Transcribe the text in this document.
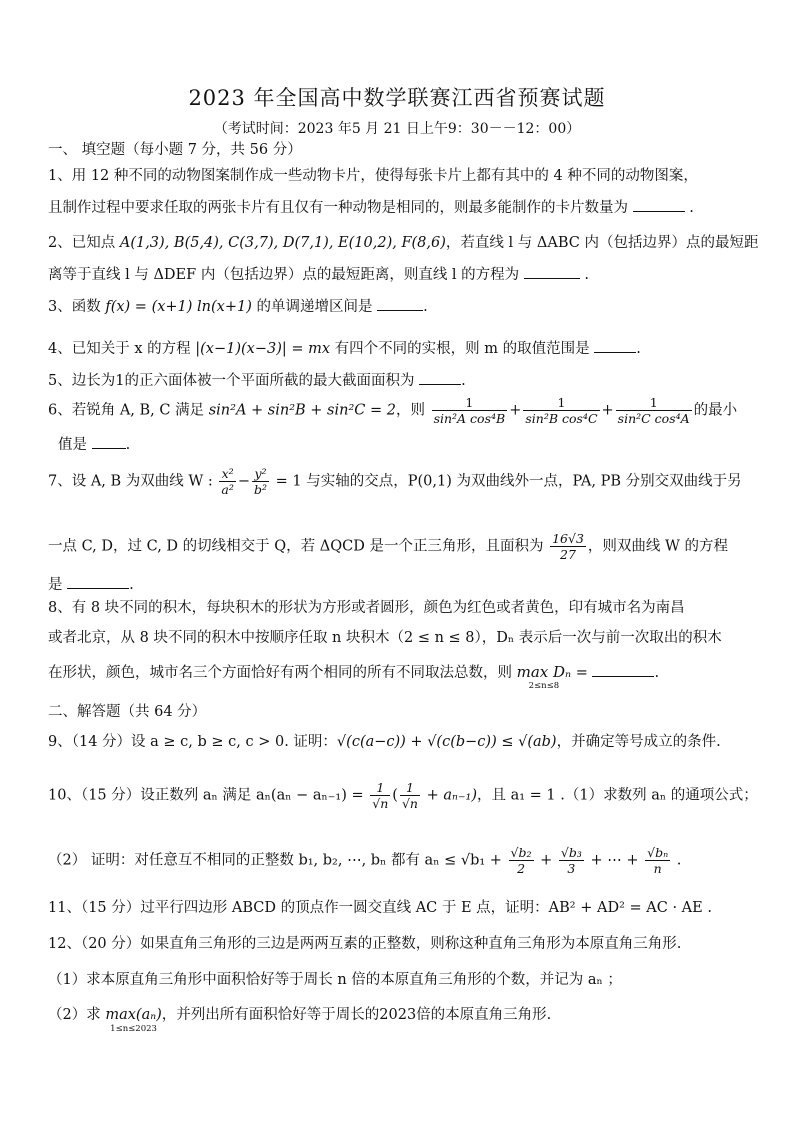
2023 年全国高中数学联赛江西省预赛试题
（考试时间：2023 年5 月 21 日上午9：30－－12：00）
一、 填空题（每小题 7 分，共 56 分）
1、用 12 种不同的动物图案制作成一些动物卡片，使得每张卡片上都有其中的 4 种不同的动物图案，
且制作过程中要求任取的两张卡片有且仅有一种动物是相同的，则最多能制作的卡片数量为	.
2、已知点 A(1,3), B(5,4), C(3,7), D(7,1), E(10,2), F(8,6)，若直线 l 与 ΔABC 内（包括边界）点的最短距
离等于直线 l 与 ΔDEF 内（包括边界）点的最短距离，则直线 l 的方程为	.
3、函数 f(x) = (x+1) ln(x+1) 的单调递增区间是	.
4、已知关于 x 的方程 |(x−1)(x−3)| = mx 有四个不同的实根，则 m 的取值范围是	.
5、边长为1的正六面体被一个平面所截的最大截面面积为	.
6、若锐角 A, B, C 满足 sin²A + sin²B + sin²C = 2，则 $\frac{1}{\text{sin²A cos⁴B}} + \frac{1}{\text{sin²B cos⁴C}} + \frac{1}{\text{sin²C cos⁴A}}$ 的最小
值是	.
7、设 A, B 为双曲线 W : $\frac{\text{x²}}{\text{a²}} - \frac{\text{y²}}{\text{b²}} = 1$ 与实轴的交点，P(0,1) 为双曲线外一点，PA, PB 分别交双曲线于另
一点 C, D，过 C, D 的切线相交于 Q，若 ΔQCD 是一个正三角形，且面积为 $\frac{16√3}{27}$ ，则双曲线 W 的方程
是	.
8、有 8 块不同的积木，每块积木的形状为方形或者圆形，颜色为红色或者黄色，印有城市名为南昌
或者北京，从 8 块不同的积木中按顺序任取 n 块积木（2 ≤ n ≤ 8），Dₙ 表示后一次与前一次取出的积木
在形状，颜色，城市名三个方面恰好有两个相同的所有不同取法总数，则 max Dₙ
2≤n≤8
=	.
二、解答题（共 64 分）
9、（14 分）设 a ≥ c, b ≥ c, c > 0. 证明：√(c(a−c)) + √(c(b−c)) ≤ √(ab)，并确定等号成立的条件.
10、（15 分）设正数列 aₙ 满足 $a_n(a_n - a_{n-1}) = \frac{1}{√n}$ ( $\frac{1}{√n} + a_{n-1}$)，且 a₁ = 1 .（1）求数列 aₙ 的通项公式；
（2） 证明：对任意互不相同的正整数 b₁, b₂, ⋯, bₙ 都有 $a_n \le √b_1 + \frac{\text{√b₂}}{2} + \frac{\text{√b₃}}{3}$ + ⋯ + $\frac{\text{√bₙ}}{n}$ .
11、（15 分）过平行四边形 ABCD 的顶点作一圆交直线 AC 于 E 点，证明：AB² + AD² = AC · AE .
12、（20 分）如果直角三角形的三边是两两互素的正整数，则称这种直角三角形为本原直角三角形.
（1）求本原直角三角形中面积恰好等于周长 n 倍的本原直角三角形的个数，并记为 aₙ ；
（2）求 max(aₙ)
1≤n≤2023
，并列出所有面积恰好等于周长的2023倍的本原直角三角形.
